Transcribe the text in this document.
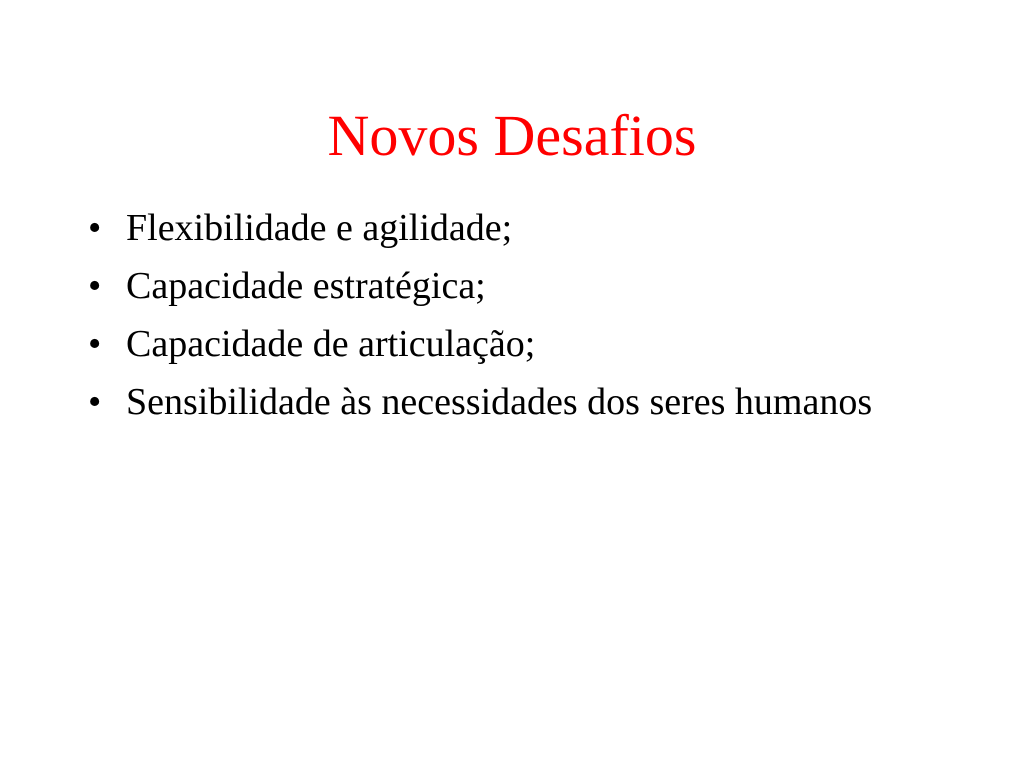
Novos Desafios
• Flexibilidade e agilidade;
• Capacidade estratégica;
• Capacidade de articulação;
• Sensibilidade às necessidades dos seres humanos
